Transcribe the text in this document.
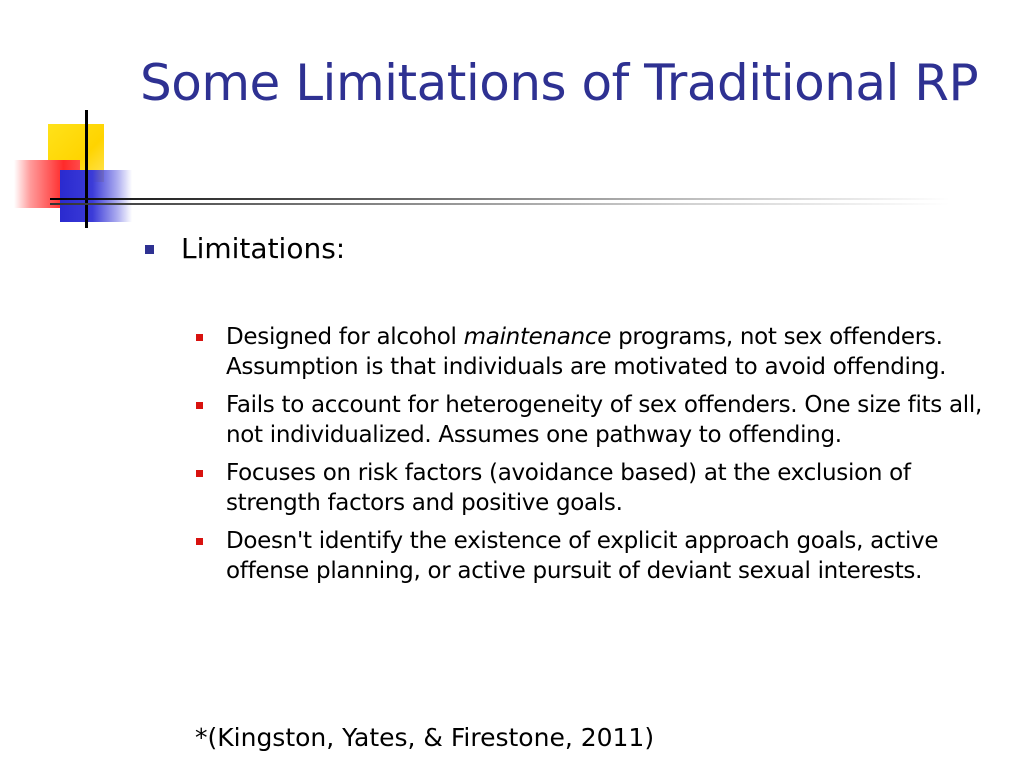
Some Limitations of Traditional RP
Limitations:
Designed for alcohol maintenance programs, not sex offenders. Assumption is that individuals are motivated to avoid offending.
Fails to account for heterogeneity of sex offenders. One size fits all, not individualized. Assumes one pathway to offending.
Focuses on risk factors (avoidance based) at the exclusion of strength factors and positive goals.
Doesn't identify the existence of explicit approach goals, active offense planning, or active pursuit of deviant sexual interests.
*(Kingston, Yates, & Firestone, 2011)
